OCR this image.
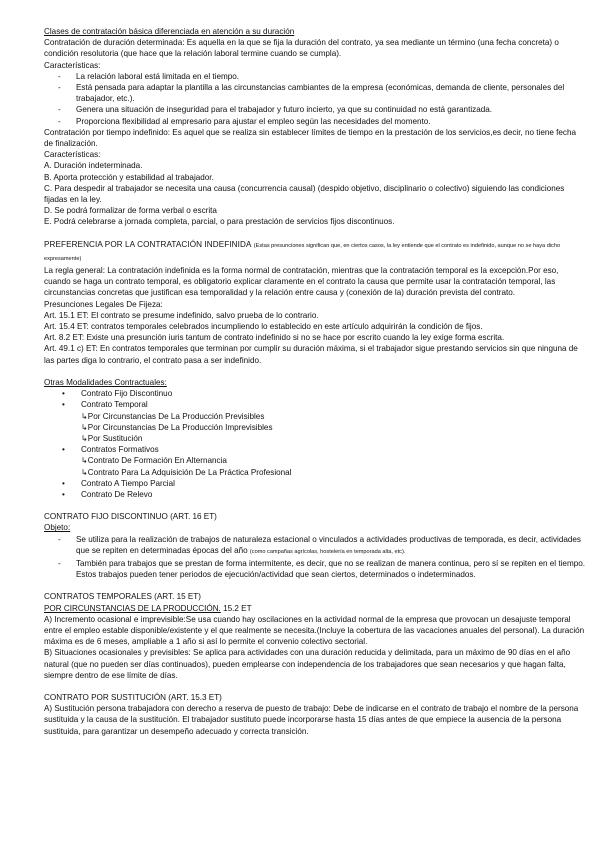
Clases de contratación básica diferenciada en atención a su duración

Contratación de duración determinada: Es aquella en la que se fija la duración del contrato, ya sea mediante un término (una fecha concreta) o condición resolutoria (que hace que la relación laboral termine cuando se cumpla).

Características:

- La relación laboral está limitada en el tiempo.
- Está pensada para adaptar la plantilla a las circunstancias cambiantes de la empresa (económicas, demanda de cliente, personales del trabajador, etc.).
- Genera una situación de inseguridad para el trabajador y futuro incierto, ya que su continuidad no está garantizada.
- Proporciona flexibilidad al empresario para ajustar el empleo según las necesidades del momento.

Contratación por tiempo indefinido: Es aquel que se realiza sin establecer límites de tiempo en la prestación de los servicios,es decir, no tiene fecha de finalización.

Características:

A. Duración indeterminada.

B. Aporta protección y estabilidad al trabajador.

C. Para despedir al trabajador se necesita una causa (concurrencia causal) (despido objetivo, disciplinario o colectivo) siguiendo las condiciones fijadas en la ley.

D. Se podrá formalizar de forma verbal o escrita

E. Podrá celebrarse a jornada completa, parcial, o para prestación de servicios fijos discontinuos.

PREFERENCIA POR LA CONTRATACIÓN INDEFINIDA (Estas presunciones significan que, en ciertos casos, la ley entiende que el contrato es indefinido, aunque no se haya dicho expresamente)

La regla general: La contratación indefinida es la forma normal de contratación, mientras que la contratación temporal es la excepción.Por eso, cuando se haga un contrato temporal, es obligatorio explicar claramente en el contrato la causa que permite usar la contratación temporal, las circunstancias concretas que justifican esa temporalidad y la relación entre causa y (conexión de la) duración prevista del contrato.

Presunciones Legales De Fijeza:

Art. 15.1 ET: El contrato se presume indefinido, salvo prueba de lo contrario.

Art. 15.4 ET: contratos temporales celebrados incumpliendo lo establecido en este artículo adquirirán la condición de fijos.

Art. 8.2 ET: Existe una presunción iuris tantum de contrato indefinido si no se hace por escrito cuando la ley exige forma escrita.

Art. 49.1 c) ET: En contratos temporales que terminan por cumplir su duración máxima, si el trabajador sigue prestando servicios sin que ninguna de las partes diga lo contrario, el contrato pasa a ser indefinido.

Otras Modalidades Contractuales:

• Contrato Fijo Discontinuo
• Contrato Temporal

↳Por Circunstancias De La Producción Previsibles

↳Por Circunstancias De La Producción Imprevisibles

↳Por Sustitución

• Contratos Formativos

↳Contrato De Formación En Alternancia

↳Contrato Para La Adquisición De La Práctica Profesional

• Contrato A Tiempo Parcial
• Contrato De Relevo

CONTRATO FIJO DISCONTINUO (ART. 16 ET)

Objeto:

- Se utiliza para la realización de trabajos de naturaleza estacional o vinculados a actividades productivas de temporada, es decir, actividades que se repiten en determinadas épocas del año (como campañas agrícolas, hostelería en temporada alta, etc).
- También para trabajos que se prestan de forma intermitente, es decir, que no se realizan de manera continua, pero sí se repiten en el tiempo. Estos trabajos pueden tener periodos de ejecución/actividad que sean ciertos, determinados o indeterminados.

CONTRATOS TEMPORALES (ART. 15 ET)

POR CIRCUNSTANCIAS DE LA PRODUCCIÓN. 15.2 ET

A) Incremento ocasional e imprevisible:Se usa cuando hay oscilaciones en la actividad normal de la empresa que provocan un desajuste temporal entre el empleo estable disponible/existente y el que realmente se necesita.(Incluye la cobertura de las vacaciones anuales del personal). La duración máxima es de 6 meses, ampliable a 1 año si así lo permite el convenio colectivo sectorial.

B) Situaciones ocasionales y previsibles: Se aplica para actividades con una duración reducida y delimitada, para un máximo de 90 días en el año natural (que no pueden ser días continuados), pueden emplearse con independencia de los trabajadores que sean necesarios y que hagan falta, siempre dentro de ese límite de días.

CONTRATO POR SUSTITUCIÓN (ART. 15.3 ET)

A) Sustitución persona trabajadora con derecho a reserva de puesto de trabajo: Debe de indicarse en el contrato de trabajo el nombre de la persona sustituida y la causa de la sustitución. El trabajador sustituto puede incorporarse hasta 15 días antes de que empiece la ausencia de la persona sustituida, para garantizar un desempeño adecuado y correcta transición.
